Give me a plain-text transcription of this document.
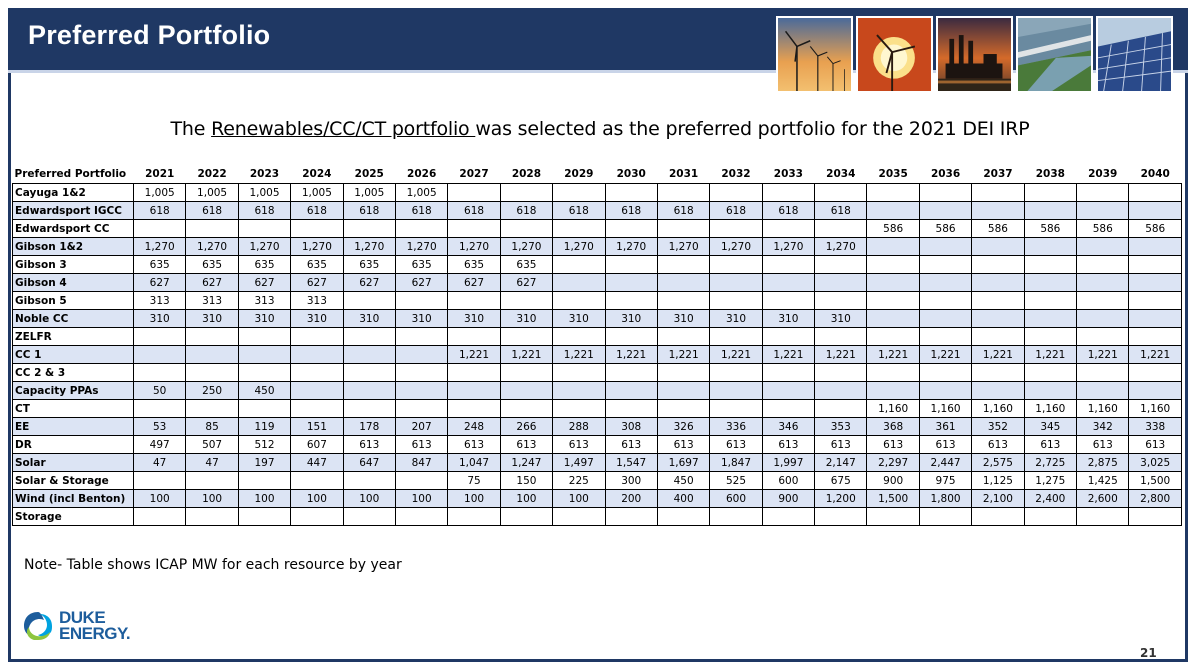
Preferred Portfolio
The Renewables/CC/CT portfolio was selected as the preferred portfolio for the 2021 DEI IRP
Preferred Portfolio	2021	2022	2023	2024	2025	2026	2027	2028	2029	2030	2031	2032	2033	2034	2035	2036	2037	2038	2039	2040
Cayuga 1&2	1,005	1,005	1,005	1,005	1,005	1,005														
Edwardsport IGCC	618	618	618	618	618	618	618	618	618	618	618	618	618	618						
Edwardsport CC															586	586	586	586	586	586
Gibson 1&2	1,270	1,270	1,270	1,270	1,270	1,270	1,270	1,270	1,270	1,270	1,270	1,270	1,270	1,270						
Gibson 3	635	635	635	635	635	635	635	635												
Gibson 4	627	627	627	627	627	627	627	627												
Gibson 5	313	313	313	313																
Noble CC	310	310	310	310	310	310	310	310	310	310	310	310	310	310						
ZELFR																				
CC 1							1,221	1,221	1,221	1,221	1,221	1,221	1,221	1,221	1,221	1,221	1,221	1,221	1,221	1,221
CC 2 & 3																				
Capacity PPAs	50	250	450																	
CT															1,160	1,160	1,160	1,160	1,160	1,160
EE	53	85	119	151	178	207	248	266	288	308	326	336	346	353	368	361	352	345	342	338
DR	497	507	512	607	613	613	613	613	613	613	613	613	613	613	613	613	613	613	613	613
Solar	47	47	197	447	647	847	1,047	1,247	1,497	1,547	1,697	1,847	1,997	2,147	2,297	2,447	2,575	2,725	2,875	3,025
Solar & Storage							75	150	225	300	450	525	600	675	900	975	1,125	1,275	1,425	1,500
Wind (incl Benton)	100	100	100	100	100	100	100	100	100	200	400	600	900	1,200	1,500	1,800	2,100	2,400	2,600	2,800
Storage																				
Note- Table shows ICAP MW for each resource by year
DUKE
ENERGY.
21
